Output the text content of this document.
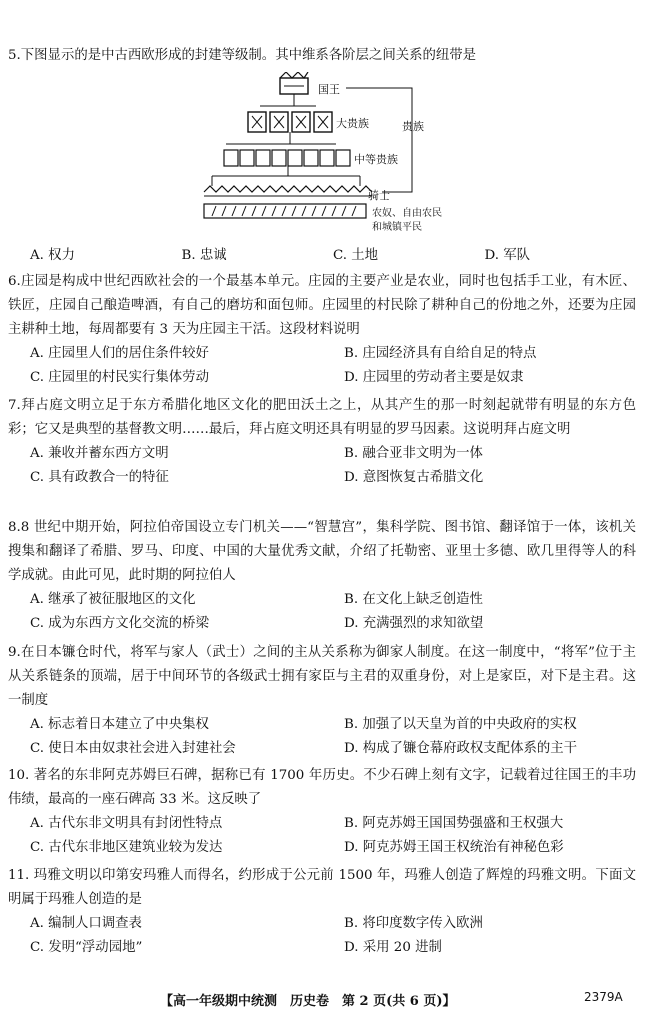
5.下图显示的是中古西欧形成的封建等级制。其中维系各阶层之间关系的纽带是
国王
大贵族
中等贵族
骑士
农奴、自由农民
和城镇平民
贵族
A. 权力	B. 忠诚	C. 土地	D. 军队
6.庄园是构成中世纪西欧社会的一个最基本单元。庄园的主要产业是农业，同时也包括手工业，有木匠、铁匠，庄园自己酿造啤酒，有自己的磨坊和面包师。庄园里的村民除了耕种自己的份地之外，还要为庄园主耕种土地，每周都要有 3 天为庄园主干活。这段材料说明
A. 庄园里人们的居住条件较好	B. 庄园经济具有自给自足的特点
C. 庄园里的村民实行集体劳动	D. 庄园里的劳动者主要是奴隶
7.拜占庭文明立足于东方希腊化地区文化的肥田沃土之上，从其产生的那一时刻起就带有明显的东方色彩；它又是典型的基督教文明……最后，拜占庭文明还具有明显的罗马因素。这说明拜占庭文明
A. 兼收并蓄东西方文明	B. 融合亚非文明为一体
C. 具有政教合一的特征	D. 意图恢复古希腊文化
8.8 世纪中期开始，阿拉伯帝国设立专门机关——“智慧宫”，集科学院、图书馆、翻译馆于一体，该机关搜集和翻译了希腊、罗马、印度、中国的大量优秀文献，介绍了托勒密、亚里士多德、欧几里得等人的科学成就。由此可见，此时期的阿拉伯人
A. 继承了被征服地区的文化	B. 在文化上缺乏创造性
C. 成为东西方文化交流的桥梁	D. 充满强烈的求知欲望
9.在日本镰仓时代，将军与家人（武士）之间的主从关系称为御家人制度。在这一制度中，“将军”位于主从关系链条的顶端，居于中间环节的各级武士拥有家臣与主君的双重身份，对上是家臣，对下是主君。这一制度
A. 标志着日本建立了中央集权	B. 加强了以天皇为首的中央政府的实权
C. 使日本由奴隶社会进入封建社会	D. 构成了镰仓幕府政权支配体系的主干
10. 著名的东非阿克苏姆巨石碑，据称已有 1700 年历史。不少石碑上刻有文字，记载着过往国王的丰功伟绩，最高的一座石碑高 33 米。这反映了
A. 古代东非文明具有封闭性特点	B. 阿克苏姆王国国势强盛和王权强大
C. 古代东非地区建筑业较为发达	D. 阿克苏姆王国王权统治有神秘色彩
11. 玛雅文明以印第安玛雅人而得名，约形成于公元前 1500 年，玛雅人创造了辉煌的玛雅文明。下面文明属于玛雅人创造的是
A. 编制人口调查表	B. 将印度数字传入欧洲
C. 发明“浮动园地”	D. 采用 20 进制
【高一年级期中统测　历史卷　第 2 页(共 6 页)】	2379A
